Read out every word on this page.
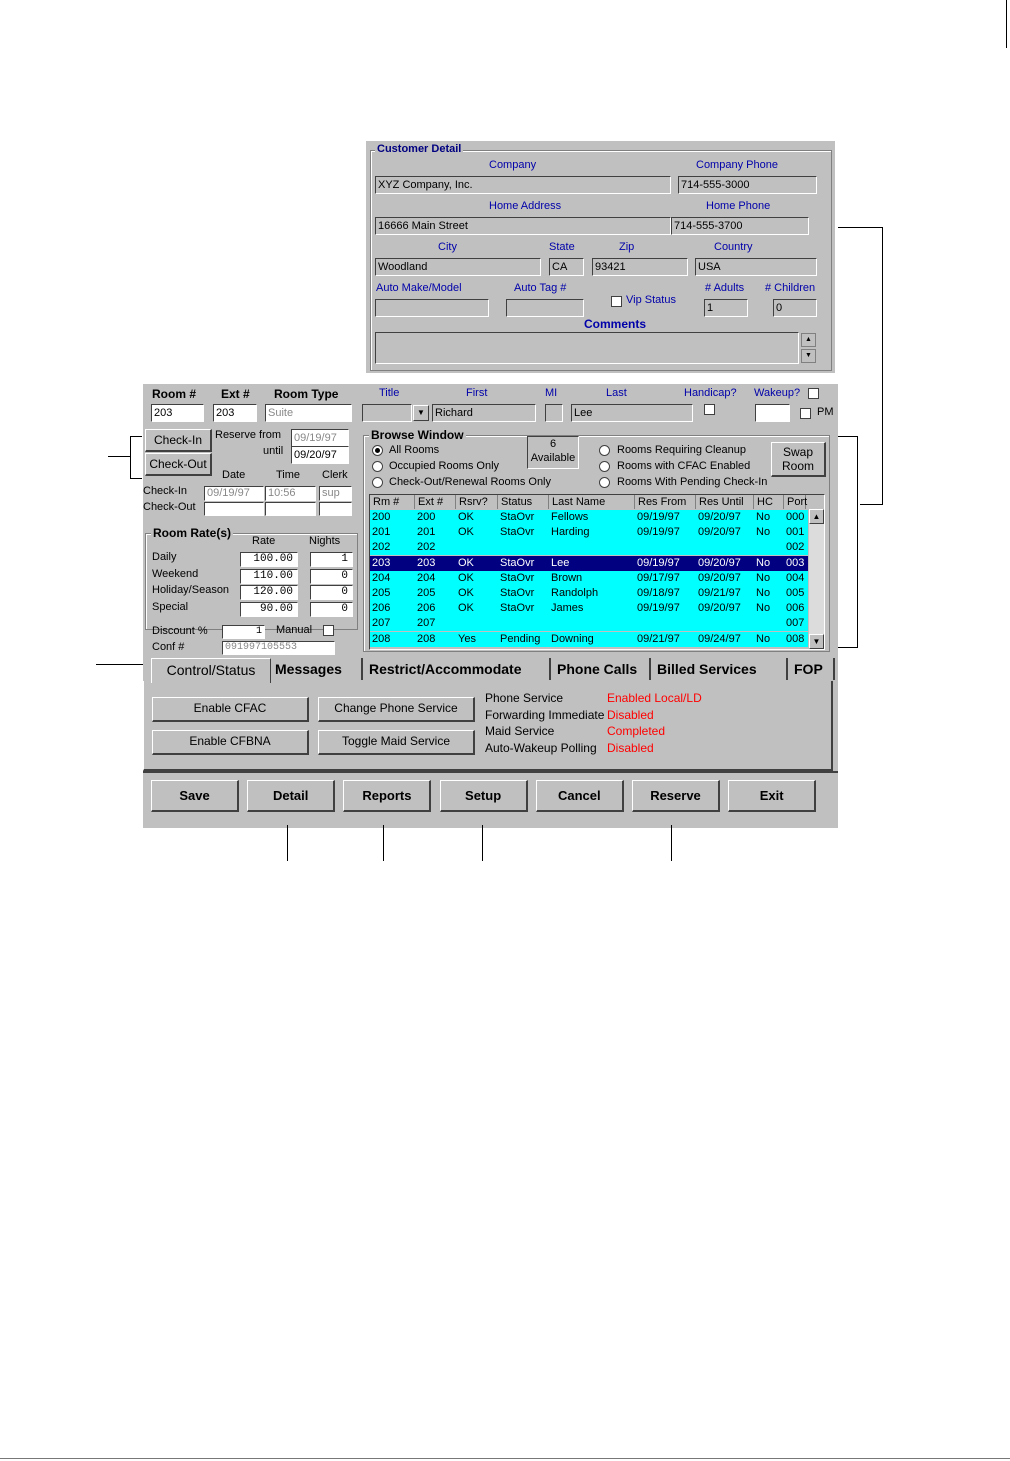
Customer Detail
Company	Company Phone
XYZ Company, Inc.	714-555-3000
Home Address	Home Phone
16666 Main Street	714-555-3700
City	State	Zip	Country
Woodland	CA	93421	USA
Auto Make/Model	Auto Tag #	# Adults # Children
Vip Status
1	0
Comments
▲
▼
Room # Ext # Room Type	Title	First	MI	Last	Handicap? Wakeup?
203	203	Suite	▼ Richard	Lee	PM
Check-In
Check-Out
Reserve from 09/19/97
until 09/20/97
Date	Time Clerk
Check-In 09/19/97	10:56	sup
Check-Out
Room Rate(s)
Rate	Nights
Daily	100.00	1
Weekend	110.00	0
Holiday/Season	120.00	0
Special	90.00	0
Discount %	1 Manual
Conf #	091997105553
Browse Window
All Rooms
Occupied Rooms Only
Check-Out/Renewal Rooms Only
6
Available
Rooms Requiring Cleanup
Rooms with CFAC Enabled
Rooms With Pending Check-In
Swap Room
Rm #	Ext #	Rsrv?	Status	Last Name	Res From	Res Until	HC	Port
200 200 OK StaOvr Fellows	09/19/97 09/20/97 No 000
201 201 OK StaOvr Harding	09/19/97 09/20/97 No 001
202 202	002
203 203 OK StaOvr Lee	09/19/97 09/20/97 No 003
204 204 OK StaOvr Brown	09/17/97 09/20/97 No 004
205 205 OK StaOvr Randolph	09/18/97 09/21/97 No 005
206 206 OK StaOvr James	09/19/97 09/20/97 No 006
207 207	007
208 208 Yes Pending Downing	09/21/97 09/24/97 No 008
▲
▼
Control/Status	Messages	Restrict/Accommodate	Phone Calls	Billed Services	FOP
Enable CFAC	Change Phone Service
Enable CFBNA	Toggle Maid Service
Phone Service	Enabled Local/LD
Forwarding Immediate Disabled
Maid Service	Completed
Auto-Wakeup Polling Disabled
Save	Detail	Reports	Setup	Cancel	Reserve	Exit
